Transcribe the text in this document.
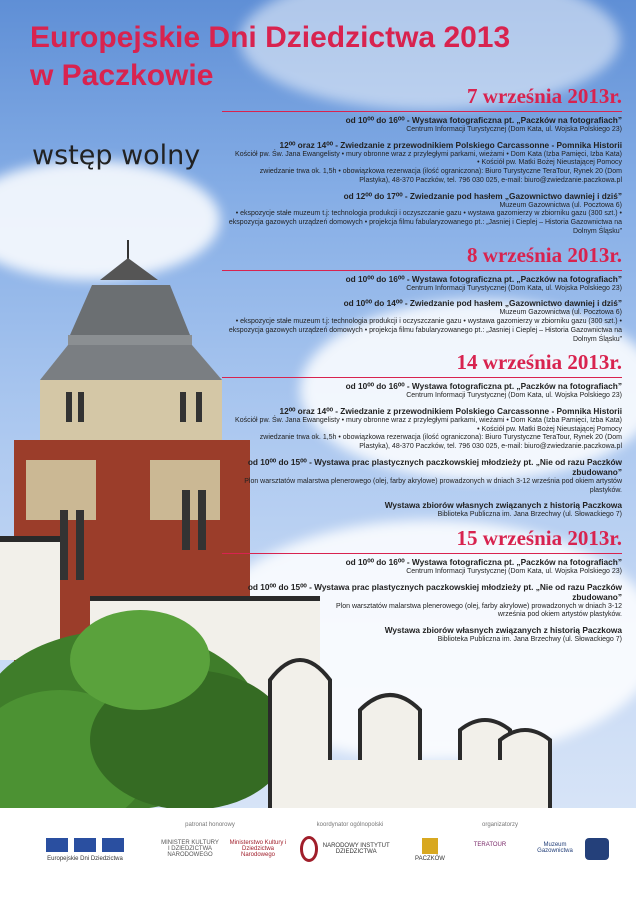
Europejskie Dni Dziedzictwa 2013
w Paczkowie
wstęp wolny
7 września 2013r.
od 10⁰⁰ do 16⁰⁰ - Wystawa fotograficzna pt. „Paczków na fotografiach”
Centrum Informacji Turystycznej (Dom Kata, ul. Wojska Polskiego 23)
12⁰⁰ oraz 14⁰⁰ - Zwiedzanie z przewodnikiem Polskiego Carcassonne - Pomnika Historii
Kościół pw. Św. Jana Ewangelisty • mury obronne wraz z przyległymi parkami, wieżami • Dom Kata (Izba Pamięci, Izba Kata)
• Kościół pw. Matki Bożej Nieustającej Pomocy
zwiedzanie trwa ok. 1,5h • obowiązkowa rezerwacja (ilość ograniczona): Biuro Turystyczne TeraTour, Rynek 20 (Dom
Plastyka), 48-370 Paczków, tel. 796 030 025, e-mail: biuro@zwiedzanie.paczkowa.pl
od 12⁰⁰ do 17⁰⁰ - Zwiedzanie pod hasłem „Gazownictwo dawniej i dziś”
Muzeum Gazownictwa (ul. Pocztowa 6)
• ekspozycje stałe muzeum t.j: technologia produkcji i oczyszczanie gazu • wystawa gazomierzy w zbiorniku gazu (300 szt.) •
ekspozycja gazowych urządzeń domowych • projekcja filmu fabularyzowanego pt.: „Jasniej i Cieplej – Historia Gazownictwa na
Dolnym Śląsku”
8 września 2013r.
od 10⁰⁰ do 16⁰⁰ - Wystawa fotograficzna pt. „Paczków na fotografiach”
Centrum Informacji Turystycznej (Dom Kata, ul. Wojska Polskiego 23)
od 10⁰⁰ do 14⁰⁰ - Zwiedzanie pod hasłem „Gazownictwo dawniej i dziś”
Muzeum Gazownictwa (ul. Pocztowa 6)
• ekspozycje stałe muzeum t.j: technologia produkcji i oczyszczanie gazu • wystawa gazomierzy w zbiorniku gazu (300 szt.) •
ekspozycja gazowych urządzeń domowych • projekcja filmu fabularyzowanego pt.: „Jasniej i Cieplej – Historia Gazownictwa na
Dolnym Śląsku”
14 września 2013r.
od 10⁰⁰ do 16⁰⁰ - Wystawa fotograficzna pt. „Paczków na fotografiach”
Centrum Informacji Turystycznej (Dom Kata, ul. Wojska Polskiego 23)
12⁰⁰ oraz 14⁰⁰ - Zwiedzanie z przewodnikiem Polskiego Carcassonne - Pomnika Historii
Kościół pw. Św. Jana Ewangelisty • mury obronne wraz z przyległymi parkami, wieżami • Dom Kata (Izba Pamięci, Izba Kata)
• Kościół pw. Matki Bożej Nieustającej Pomocy
zwiedzanie trwa ok. 1,5h • obowiązkowa rezerwacja (ilość ograniczona): Biuro Turystyczne TeraTour, Rynek 20 (Dom
Plastyka), 48-370 Paczków, tel. 796 030 025, e-mail: biuro@zwiedzanie.paczkowa.pl
od 10⁰⁰ do 15⁰⁰ - Wystawa prac plastycznych paczkowskiej młodzieży pt. „Nie od razu Paczków zbudowano”
Plon warsztatów malarstwa plenerowego (olej, farby akrylowe) prowadzonych w dniach 3-12 września pod okiem artystów
plastyków.
Wystawa zbiorów własnych związanych z historią Paczkowa
Biblioteka Publiczna im. Jana Brzechwy (ul. Słowackiego 7)
15 września 2013r.
od 10⁰⁰ do 16⁰⁰ - Wystawa fotograficzna pt. „Paczków na fotografiach”
Centrum Informacji Turystycznej (Dom Kata, ul. Wojska Polskiego 23)
od 10⁰⁰ do 15⁰⁰ - Wystawa prac plastycznych paczkowskiej młodzieży pt. „Nie od razu Paczków zbudowano”
Plon warsztatów malarstwa plenerowego (olej, farby akrylowe) prowadzonych w dniach 3-12
września pod okiem artystów plastyków.
Wystawa zbiorów własnych związanych z historią Paczkowa
Biblioteka Publiczna im. Jana Brzechwy (ul. Słowackiego 7)
patronat honorowy	koordynator ogólnopolski	organizatorzy
Europejskie Dni Dziedzictwa
MINISTER KULTURY I DZIEDZICTWA NARODOWEGO
Ministerstwo Kultury i Dziedzictwa Narodowego
NARODOWY INSTYTUT DZIEDZICTWA
PACZKÓW
TERATOUR	Muzeum Gazownictwa
